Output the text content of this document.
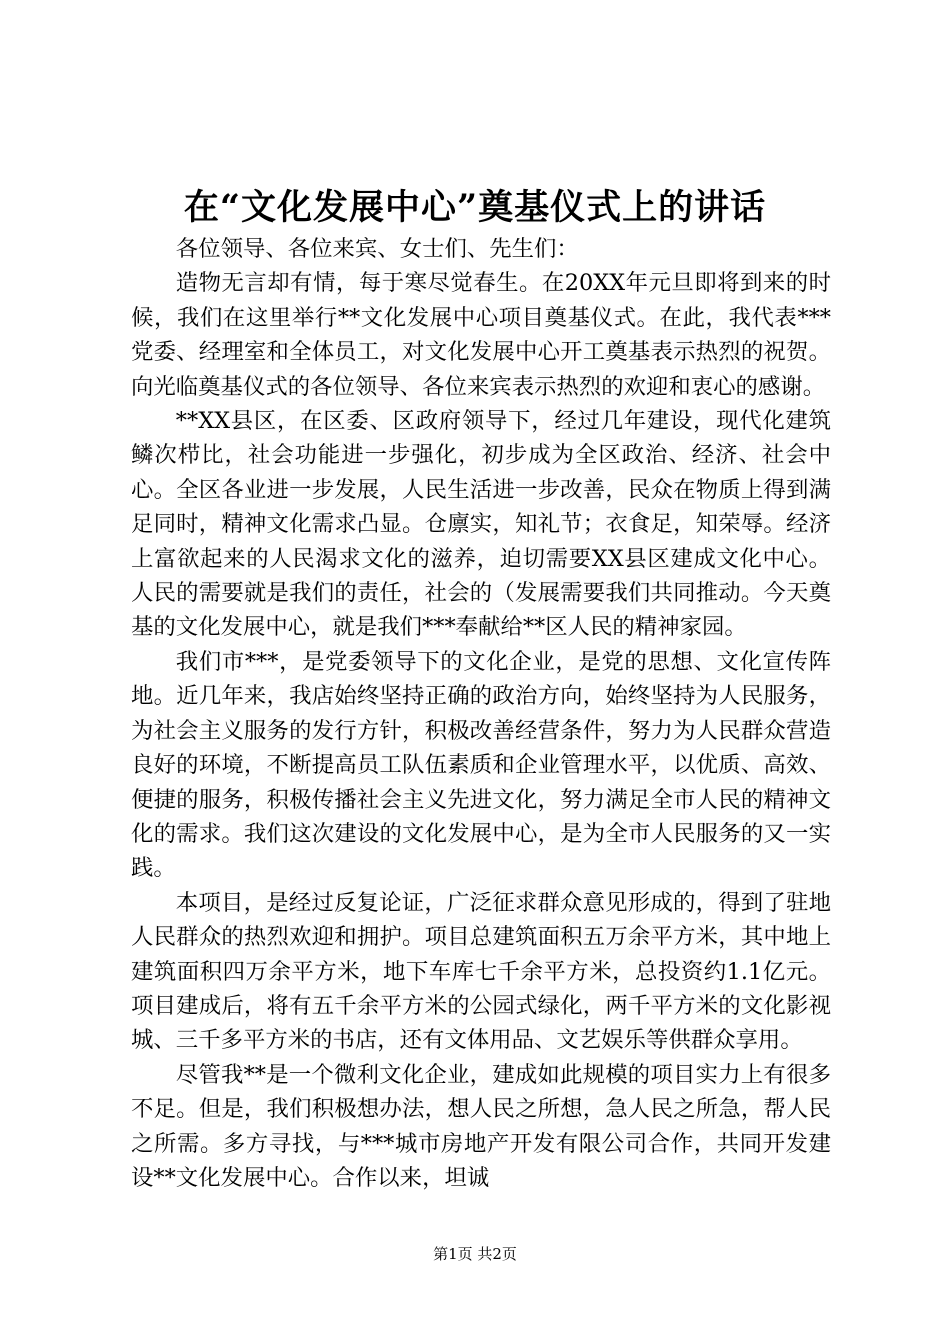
在“文化发展中心”奠基仪式上的讲话

各位领导、各位来宾、女士们、先生们：

造物无言却有情，每于寒尽觉春生。在20XX年元旦即将到来的时候，我们在这里举行**文化发展中心项目奠基仪式。在此，我代表***党委、经理室和全体员工，对文化发展中心开工奠基表示热烈的祝贺。向光临奠基仪式的各位领导、各位来宾表示热烈的欢迎和衷心的感谢。

**XX县区，在区委、区政府领导下，经过几年建设，现代化建筑鳞次栉比，社会功能进一步强化，初步成为全区政治、经济、社会中心。全区各业进一步发展，人民生活进一步改善，民众在物质上得到满足同时，精神文化需求凸显。仓廪实，知礼节；衣食足，知荣辱。经济上富欲起来的人民渴求文化的滋养，迫切需要XX县区建成文化中心。人民的需要就是我们的责任，社会的（发展需要我们共同推动。今天奠基的文化发展中心，就是我们***奉献给**区人民的精神家园。

我们市***，是党委领导下的文化企业，是党的思想、文化宣传阵地。近几年来，我店始终坚持正确的政治方向，始终坚持为人民服务，为社会主义服务的发行方针，积极改善经营条件，努力为人民群众营造良好的环境，不断提高员工队伍素质和企业管理水平，以优质、高效、便捷的服务，积极传播社会主义先进文化，努力满足全市人民的精神文化的需求。我们这次建设的文化发展中心，是为全市人民服务的又一实践。

本项目，是经过反复论证，广泛征求群众意见形成的，得到了驻地人民群众的热烈欢迎和拥护。项目总建筑面积五万余平方米，其中地上建筑面积四万余平方米，地下车库七千余平方米，总投资约1.1亿元。项目建成后，将有五千余平方米的公园式绿化，两千平方米的文化影视城、三千多平方米的书店，还有文体用品、文艺娱乐等供群众享用。

尽管我**是一个微利文化企业，建成如此规模的项目实力上有很多不足。但是，我们积极想办法，想人民之所想，急人民之所急，帮人民之所需。多方寻找，与***城市房地产开发有限公司合作，共同开发建设**文化发展中心。合作以来，坦诚

第1页 共2页
